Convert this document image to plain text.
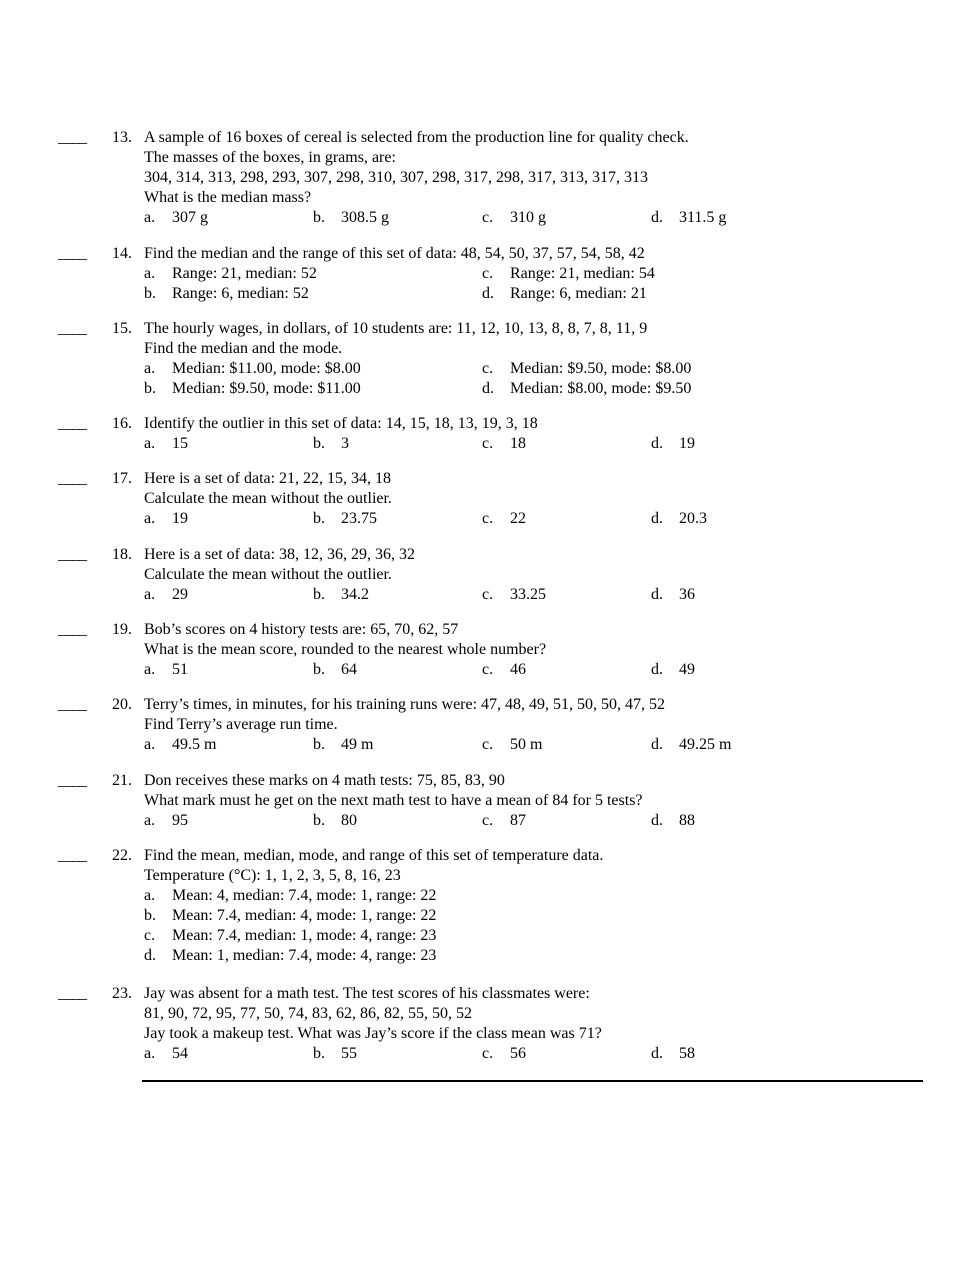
____	13. A sample of 16 boxes of cereal is selected from the production line for quality check.
The masses of the boxes, in grams, are:
304, 314, 313, 298, 293, 307, 298, 310, 307, 298, 317, 298, 317, 313, 317, 313
What is the median mass?
a. 307 g	b. 308.5 g	c. 310 g	d. 311.5 g
____	14. Find the median and the range of this set of data: 48, 54, 50, 37, 57, 54, 58, 42
a. Range: 21, median: 52	c. Range: 21, median: 54
b. Range: 6, median: 52	d. Range: 6, median: 21
____	15. The hourly wages, in dollars, of 10 students are: 11, 12, 10, 13, 8, 8, 7, 8, 11, 9
Find the median and the mode.
a. Median: $11.00, mode: $8.00	c. Median: $9.50, mode: $8.00
b. Median: $9.50, mode: $11.00	d. Median: $8.00, mode: $9.50
____	16. Identify the outlier in this set of data: 14, 15, 18, 13, 19, 3, 18
a. 15	b. 3	c. 18	d. 19
____	17. Here is a set of data: 21, 22, 15, 34, 18
Calculate the mean without the outlier.
a. 19	b. 23.75	c. 22	d. 20.3
____	18. Here is a set of data: 38, 12, 36, 29, 36, 32
Calculate the mean without the outlier.
a. 29	b. 34.2	c. 33.25	d. 36
____	19. Bob’s scores on 4 history tests are: 65, 70, 62, 57
What is the mean score, rounded to the nearest whole number?
a. 51	b. 64	c. 46	d. 49
____	20. Terry’s times, in minutes, for his training runs were: 47, 48, 49, 51, 50, 50, 47, 52
Find Terry’s average run time.
a. 49.5 m	b. 49 m	c. 50 m	d. 49.25 m
____	21. Don receives these marks on 4 math tests: 75, 85, 83, 90
What mark must he get on the next math test to have a mean of 84 for 5 tests?
a. 95	b. 80	c. 87	d. 88
____	22. Find the mean, median, mode, and range of this set of temperature data.
Temperature (°C): 1, 1, 2, 3, 5, 8, 16, 23
a. Mean: 4, median: 7.4, mode: 1, range: 22
b. Mean: 7.4, median: 4, mode: 1, range: 22
c. Mean: 7.4, median: 1, mode: 4, range: 23
d. Mean: 1, median: 7.4, mode: 4, range: 23
____	23. Jay was absent for a math test. The test scores of his classmates were:
81, 90, 72, 95, 77, 50, 74, 83, 62, 86, 82, 55, 50, 52
Jay took a makeup test. What was Jay’s score if the class mean was 71?
a. 54	b. 55	c. 56	d. 58
